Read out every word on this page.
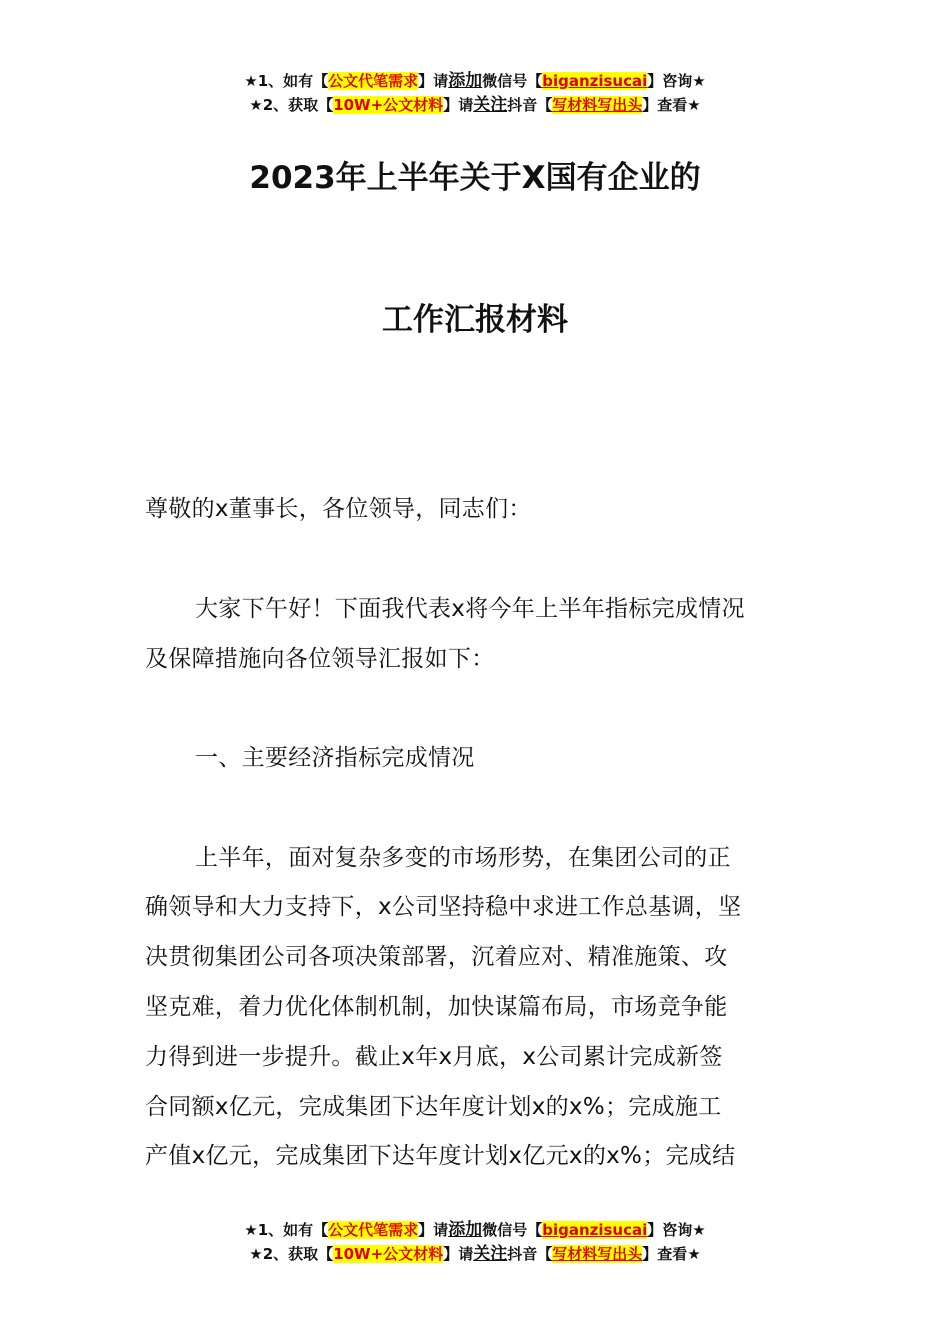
★1、如有【公文代笔需求】请添加微信号【biganzisucai】咨询★
★2、获取【10W+公文材料】请关注抖音【写材料写出头】查看★
2023年上半年关于X国有企业的
工作汇报材料
尊敬的x董事长，各位领导，同志们：
大家下午好！下面我代表x将今年上半年指标完成情况
及保障措施向各位领导汇报如下：
一、主要经济指标完成情况
上半年，面对复杂多变的市场形势，在集团公司的正
确领导和大力支持下，x公司坚持稳中求进工作总基调，坚
决贯彻集团公司各项决策部署，沉着应对、精准施策、攻
坚克难，着力优化体制机制，加快谋篇布局，市场竞争能
力得到进一步提升。截止x年x月底，x公司累计完成新签
合同额x亿元，完成集团下达年度计划x的x%；完成施工
产值x亿元，完成集团下达年度计划x亿元x的x%；完成结
★1、如有【公文代笔需求】请添加微信号【biganzisucai】咨询★
★2、获取【10W+公文材料】请关注抖音【写材料写出头】查看★
